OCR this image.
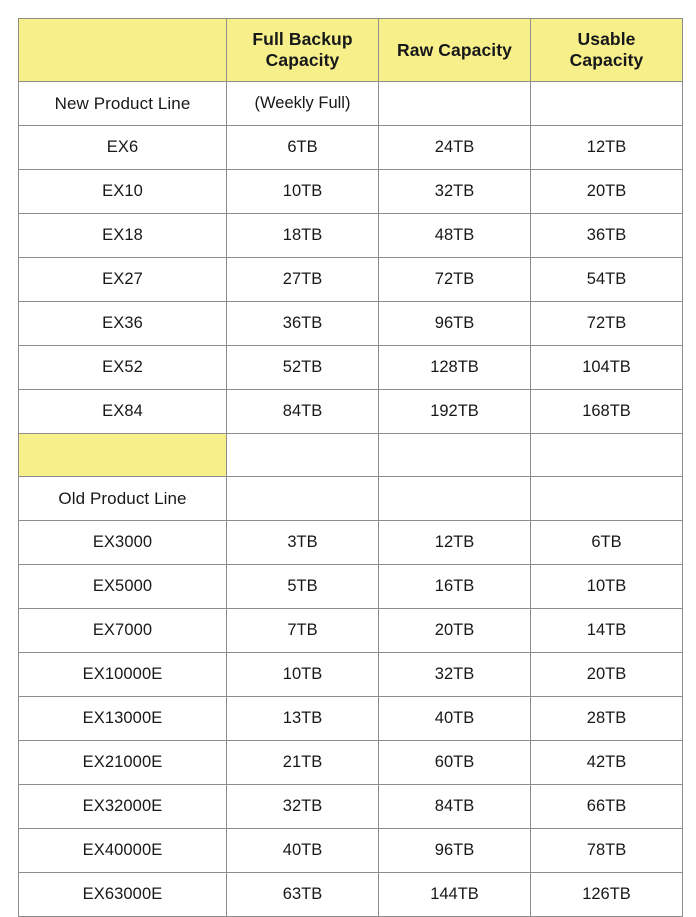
	Full Backup Capacity	Raw Capacity	Usable Capacity
New Product Line	(Weekly Full)		
EX6	6TB	24TB	12TB
EX10	10TB	32TB	20TB
EX18	18TB	48TB	36TB
EX27	27TB	72TB	54TB
EX36	36TB	96TB	72TB
EX52	52TB	128TB	104TB
EX84	84TB	192TB	168TB

Old Product Line			
EX3000	3TB	12TB	6TB
EX5000	5TB	16TB	10TB
EX7000	7TB	20TB	14TB
EX10000E	10TB	32TB	20TB
EX13000E	13TB	40TB	28TB
EX21000E	21TB	60TB	42TB
EX32000E	32TB	84TB	66TB
EX40000E	40TB	96TB	78TB
EX63000E	63TB	144TB	126TB
